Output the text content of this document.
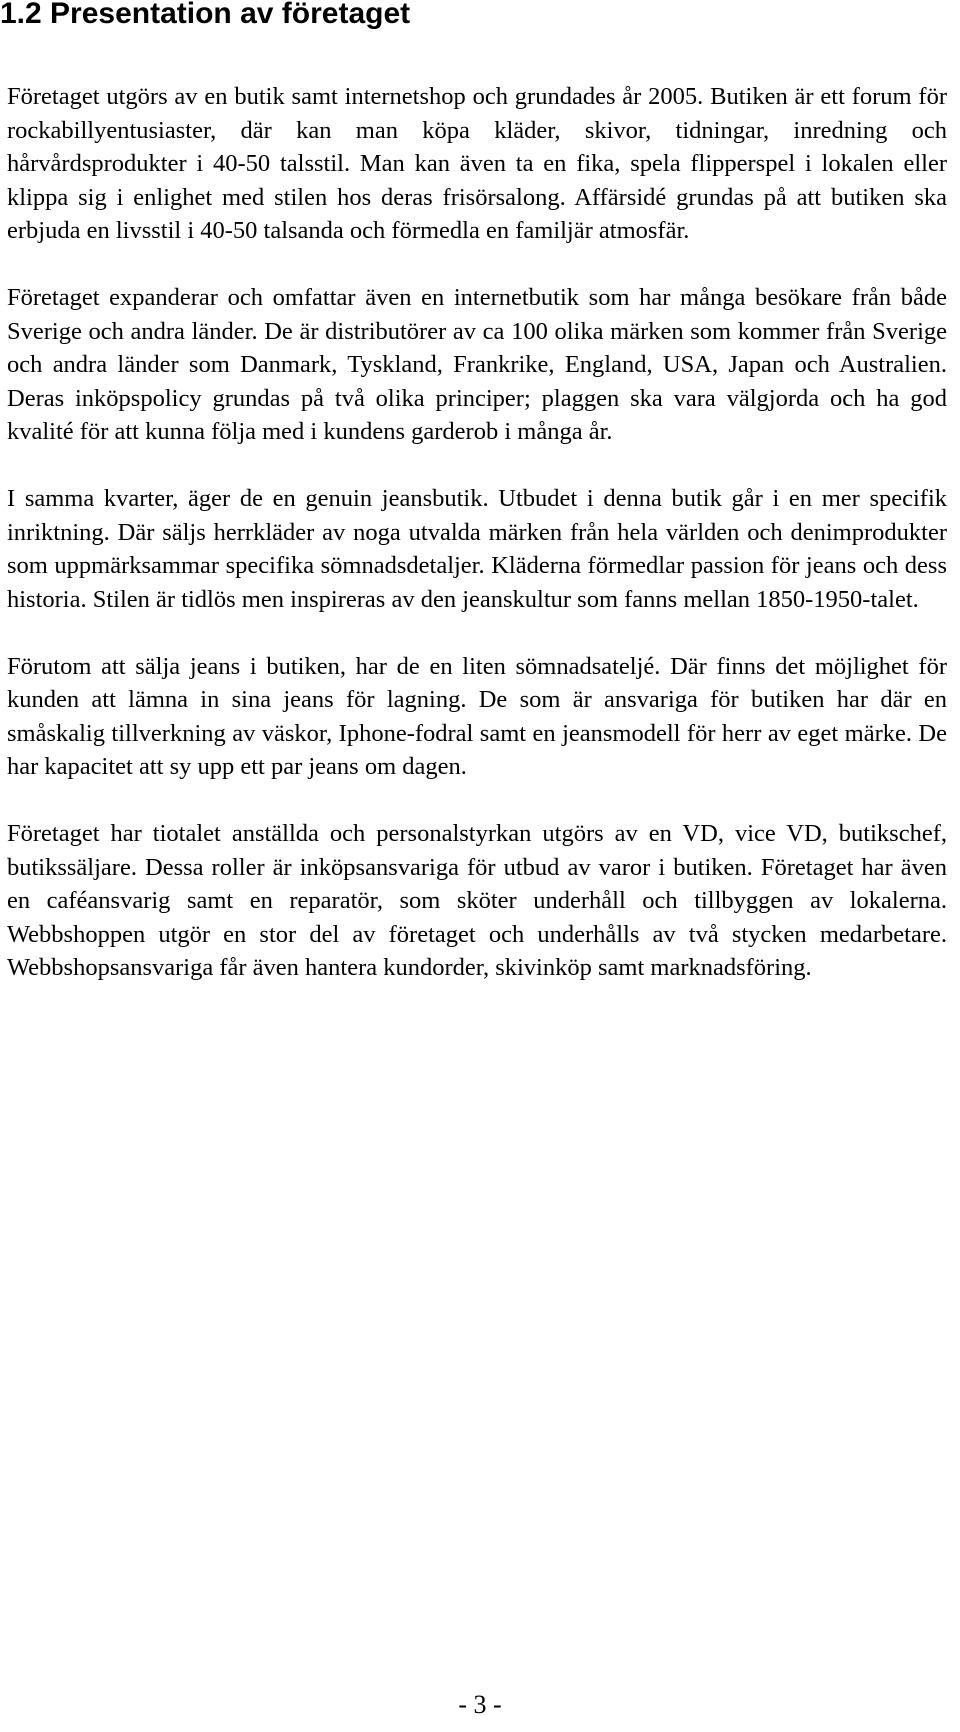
1.2 Presentation av företaget

Företaget utgörs av en butik samt internetshop och grundades år 2005. Butiken är ett forum för rockabillyentusiaster, där kan man köpa kläder, skivor, tidningar, inredning och hårvårdsprodukter i 40-50 talsstil. Man kan även ta en fika, spela flipperspel i lokalen eller klippa sig i enlighet med stilen hos deras frisörsalong. Affärsidé grundas på att butiken ska erbjuda en livsstil i 40-50 talsanda och förmedla en familjär atmosfär.

Företaget expanderar och omfattar även en internetbutik som har många besökare från både Sverige och andra länder. De är distributörer av ca 100 olika märken som kommer från Sverige och andra länder som Danmark, Tyskland, Frankrike, England, USA, Japan och Australien. Deras inköpspolicy grundas på två olika principer; plaggen ska vara välgjorda och ha god kvalité för att kunna följa med i kundens garderob i många år.

I samma kvarter, äger de en genuin jeansbutik. Utbudet i denna butik går i en mer specifik inriktning. Där säljs herrkläder av noga utvalda märken från hela världen och denimprodukter som uppmärksammar specifika sömnadsdetaljer. Kläderna förmedlar passion för jeans och dess historia. Stilen är tidlös men inspireras av den jeanskultur som fanns mellan 1850-1950-talet.

Förutom att sälja jeans i butiken, har de en liten sömnadsateljé. Där finns det möjlighet för kunden att lämna in sina jeans för lagning. De som är ansvariga för butiken har där en småskalig tillverkning av väskor, Iphone-fodral samt en jeansmodell för herr av eget märke. De har kapacitet att sy upp ett par jeans om dagen.

Företaget har tiotalet anställda och personalstyrkan utgörs av en VD, vice VD, butikschef, butikssäljare. Dessa roller är inköpsansvariga för utbud av varor i butiken. Företaget har även en caféansvarig samt en reparatör, som sköter underhåll och tillbyggen av lokalerna. Webbshoppen utgör en stor del av företaget och underhålls av två stycken medarbetare. Webbshopsansvariga får även hantera kundorder, skivinköp samt marknadsföring.

- 3 -
